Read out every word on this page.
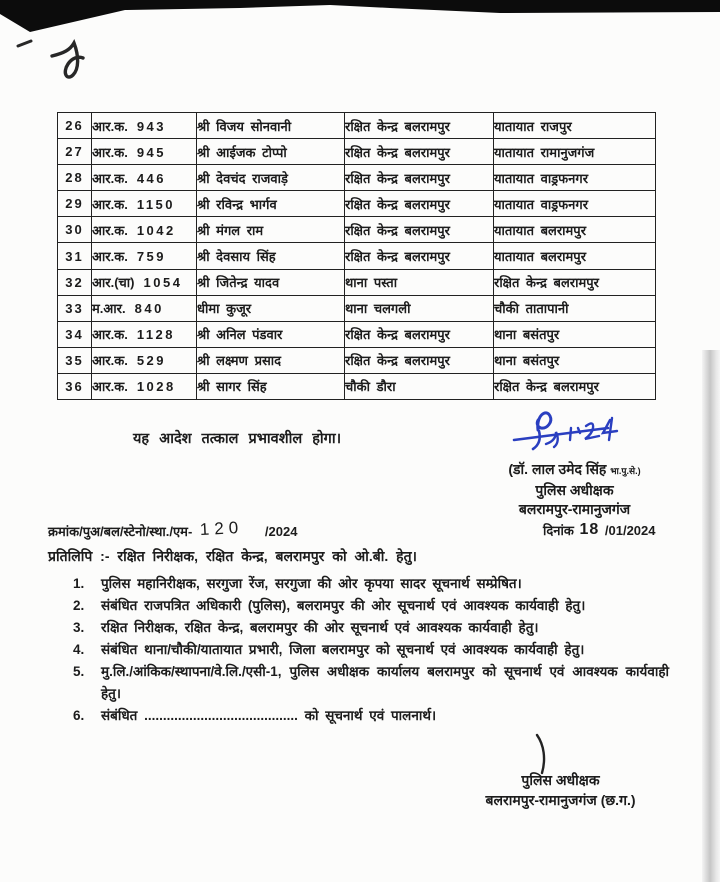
26	आर.क. 943	श्री विजय सोनवानी	रक्षित केन्द्र बलरामपुर	यातायात राजपुर
27	आर.क. 945	श्री आईजक टोप्पो	रक्षित केन्द्र बलरामपुर	यातायात रामानुजगंज
28	आर.क. 446	श्री देवचंद राजवाड़े	रक्षित केन्द्र बलरामपुर	यातायात वाड्रफनगर
29	आर.क. 1150	श्री रविन्द्र भार्गव	रक्षित केन्द्र बलरामपुर	यातायात वाड्रफनगर
30	आर.क. 1042	श्री मंगल राम	रक्षित केन्द्र बलरामपुर	यातायात बलरामपुर
31	आर.क. 759	श्री देवसाय सिंह	रक्षित केन्द्र बलरामपुर	यातायात बलरामपुर
32	आर.(चा) 1054	श्री जितेन्द्र यादव	थाना पस्ता	रक्षित केन्द्र बलरामपुर
33	म.आर. 840	धीमा कुजूर	थाना चलगली	चौकी तातापानी
34	आर.क. 1128	श्री अनिल पंडवार	रक्षित केन्द्र बलरामपुर	थाना बसंतपुर
35	आर.क. 529	श्री लक्ष्मण प्रसाद	रक्षित केन्द्र बलरामपुर	थाना बसंतपुर
36	आर.क. 1028	श्री सागर सिंह	चौकी डौरा	रक्षित केन्द्र बलरामपुर
यह आदेश तत्काल प्रभावशील होगा।
(डॉ. लाल उमेद सिंह भा.पु.से.)
पुलिस अधीक्षक
बलरामपुर-रामानुजगंज
क्रमांक/पुअ/बल/स्टेनो/स्था./एम- 120 /2024	दिनांक 18 /01/2024
प्रतिलिपि :- रक्षित निरीक्षक, रक्षित केन्द्र, बलरामपुर को ओ.बी. हेतु।
1.	पुलिस महानिरीक्षक, सरगुजा रेंज, सरगुजा की ओर कृपया सादर सूचनार्थ सम्प्रेषित।
2.	संबंधित राजपत्रित अधिकारी (पुलिस), बलरामपुर की ओर सूचनार्थ एवं आवश्यक कार्यवाही हेतु।
3.	रक्षित निरीक्षक, रक्षित केन्द्र, बलरामपुर की ओर सूचनार्थ एवं आवश्यक कार्यवाही हेतु।
4.	संबंधित थाना/चौकी/यातायात प्रभारी, जिला बलरामपुर को सूचनार्थ एवं आवश्यक कार्यवाही हेतु।
5.	मु.लि./आंकिक/स्थापना/वे.लि./एसी-1, पुलिस अधीक्षक कार्यालय बलरामपुर को सूचनार्थ एवं आवश्यक कार्यवाही हेतु।
6.	संबंधित ......................................... को सूचनार्थ एवं पालनार्थ।
पुलिस अधीक्षक
बलरामपुर-रामानुजगंज (छ.ग.)
